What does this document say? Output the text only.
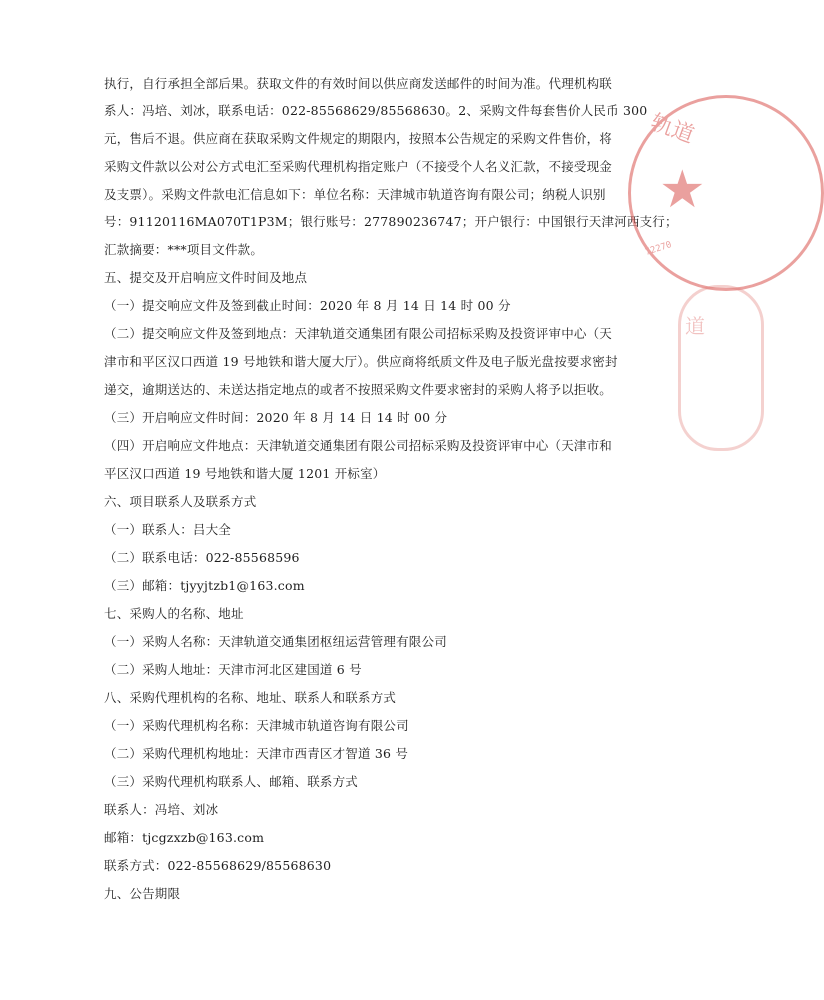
执行，自行承担全部后果。获取文件的有效时间以供应商发送邮件的时间为准。代理机构联
系人：冯培、刘冰，联系电话：022-85568629/85568630。2、采购文件每套售价人民币 300
元，售后不退。供应商在获取采购文件规定的期限内，按照本公告规定的采购文件售价，将
采购文件款以公对公方式电汇至采购代理机构指定账户（不接受个人名义汇款，不接受现金
及支票）。采购文件款电汇信息如下：单位名称：天津城市轨道咨询有限公司；纳税人识别
号：91120116MA070T1P3M；银行账号：277890236747；开户银行：中国银行天津河西支行；
汇款摘要：***项目文件款。
五、提交及开启响应文件时间及地点
（一）提交响应文件及签到截止时间：2020 年 8 月 14 日 14 时 00 分
（二）提交响应文件及签到地点：天津轨道交通集团有限公司招标采购及投资评审中心（天
津市和平区汉口西道 19 号地铁和谐大厦大厅）。供应商将纸质文件及电子版光盘按要求密封
递交，逾期送达的、未送达指定地点的或者不按照采购文件要求密封的采购人将予以拒收。
（三）开启响应文件时间：2020 年 8 月 14 日 14 时 00 分
（四）开启响应文件地点：天津轨道交通集团有限公司招标采购及投资评审中心（天津市和
平区汉口西道 19 号地铁和谐大厦 1201 开标室）
六、项目联系人及联系方式
（一）联系人：吕大全
（二）联系电话：022-85568596
（三）邮箱：tjyyjtzb1@163.com
七、采购人的名称、地址
（一）采购人名称：天津轨道交通集团枢纽运营管理有限公司
（二）采购人地址：天津市河北区建国道 6 号
八、采购代理机构的名称、地址、联系人和联系方式
（一）采购代理机构名称：天津城市轨道咨询有限公司
（二）采购代理机构地址：天津市西青区才智道 36 号
（三）采购代理机构联系人、邮箱、联系方式
联系人：冯培、刘冰
邮箱：tjcgzxzb@163.com
联系方式：022-85568629/85568630
九、公告期限
轨道
★
72270
道
